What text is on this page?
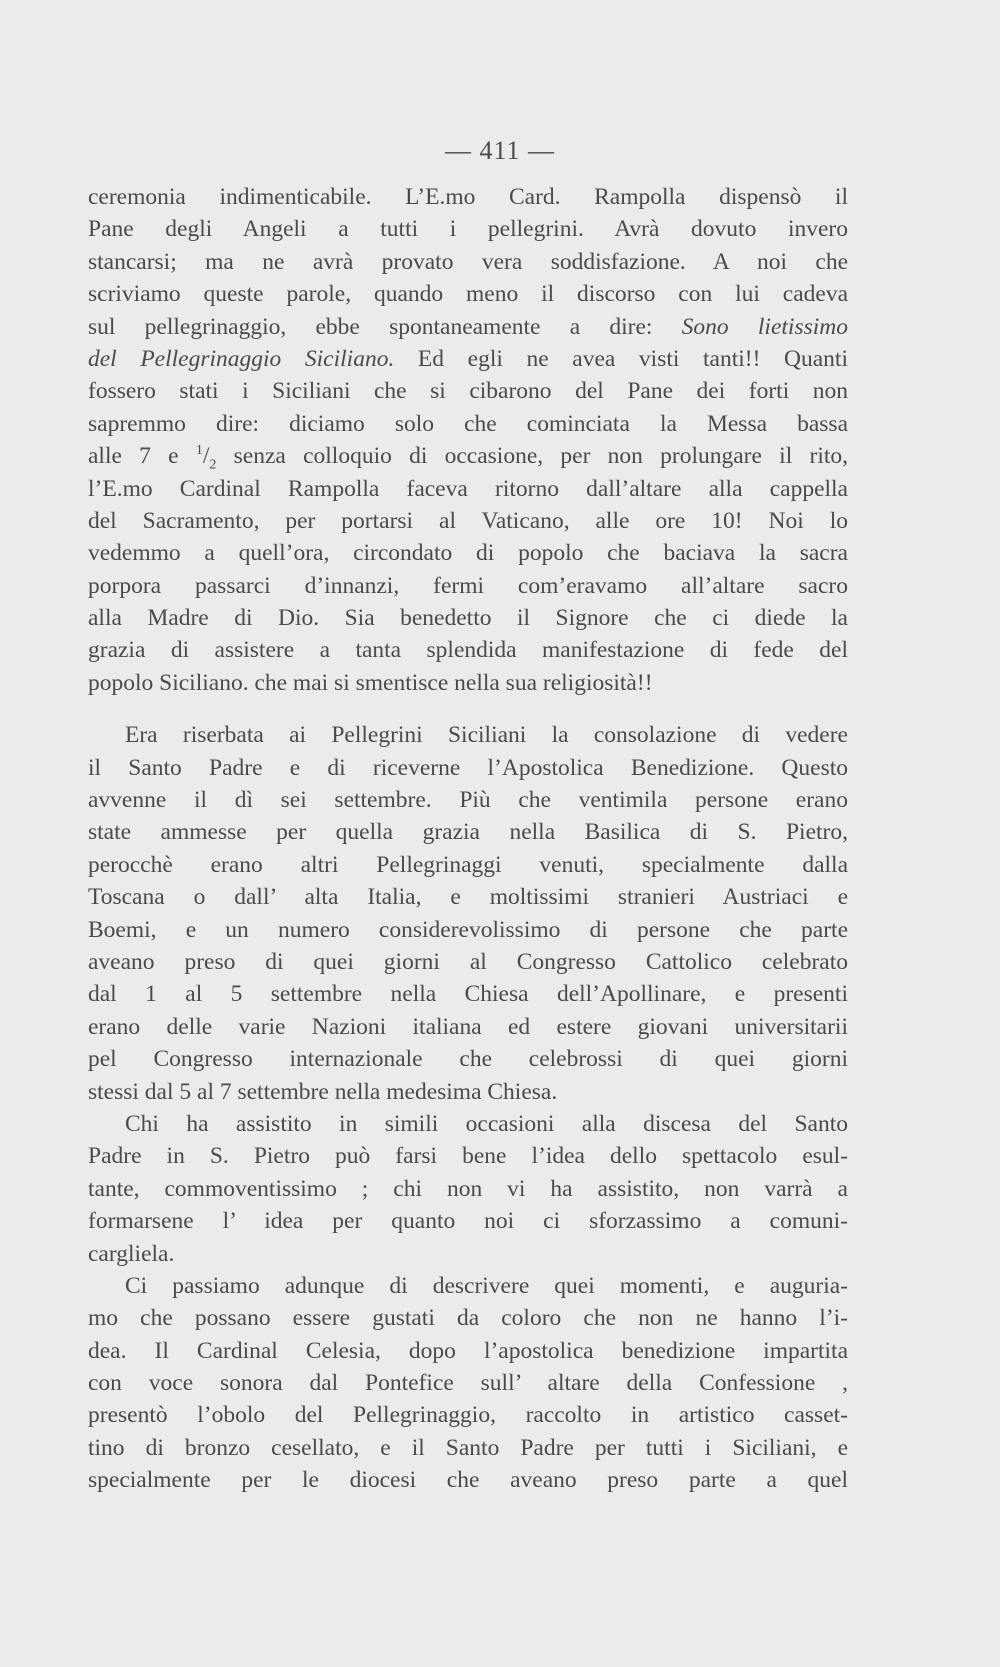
— 411 —
ceremonia indimenticabile. L’E.mo Card. Rampolla dispensò il
Pane degli Angeli a tutti i pellegrini. Avrà dovuto invero
stancarsi; ma ne avrà provato vera soddisfazione. A noi che
scriviamo queste parole, quando meno il discorso con lui cadeva
sul pellegrinaggio, ebbe spontaneamente a dire: Sono lietissimo
del Pellegrinaggio Siciliano. Ed egli ne avea visti tanti!! Quanti
fossero stati i Siciliani che si cibarono del Pane dei forti non
sapremmo dire: diciamo solo che cominciata la Messa bassa
alle 7 e $^1/_2$ senza colloquio di occasione, per non prolungare il rito,
l’E.mo Cardinal Rampolla faceva ritorno dall’altare alla cappella
del Sacramento, per portarsi al Vaticano, alle ore 10! Noi lo
vedemmo a quell’ora, circondato di popolo che baciava la sacra
porpora passarci d’innanzi, fermi com’eravamo all’altare sacro
alla Madre di Dio. Sia benedetto il Signore che ci diede la
grazia di assistere a tanta splendida manifestazione di fede del
popolo Siciliano. che mai si smentisce nella sua religiosità!!
Era riserbata ai Pellegrini Siciliani la consolazione di vedere
il Santo Padre e di riceverne l’Apostolica Benedizione. Questo
avvenne il dì sei settembre. Più che ventimila persone erano
state ammesse per quella grazia nella Basilica di S. Pietro,
perocchè erano altri Pellegrinaggi venuti, specialmente dalla
Toscana o dall’ alta Italia, e moltissimi stranieri Austriaci e
Boemi, e un numero considerevolissimo di persone che parte
aveano preso di quei giorni al Congresso Cattolico celebrato
dal 1 al 5 settembre nella Chiesa dell’Apollinare, e presenti
erano delle varie Nazioni italiana ed estere giovani universitarii
pel Congresso internazionale che celebrossi di quei giorni
stessi dal 5 al 7 settembre nella medesima Chiesa.
Chi ha assistito in simili occasioni alla discesa del Santo
Padre in S. Pietro può farsi bene l’idea dello spettacolo esul-
tante, commoventissimo ; chi non vi ha assistito, non varrà a
formarsene l’ idea per quanto noi ci sforzassimo a comuni-
cargliela.
Ci passiamo adunque di descrivere quei momenti, e auguria-
mo che possano essere gustati da coloro che non ne hanno l’i-
dea. Il Cardinal Celesia, dopo l’apostolica benedizione impartita
con voce sonora dal Pontefice sull’ altare della Confessione ,
presentò l’obolo del Pellegrinaggio, raccolto in artistico casset-
tino di bronzo cesellato, e il Santo Padre per tutti i Siciliani, e
specialmente per le diocesi che aveano preso parte a quel
